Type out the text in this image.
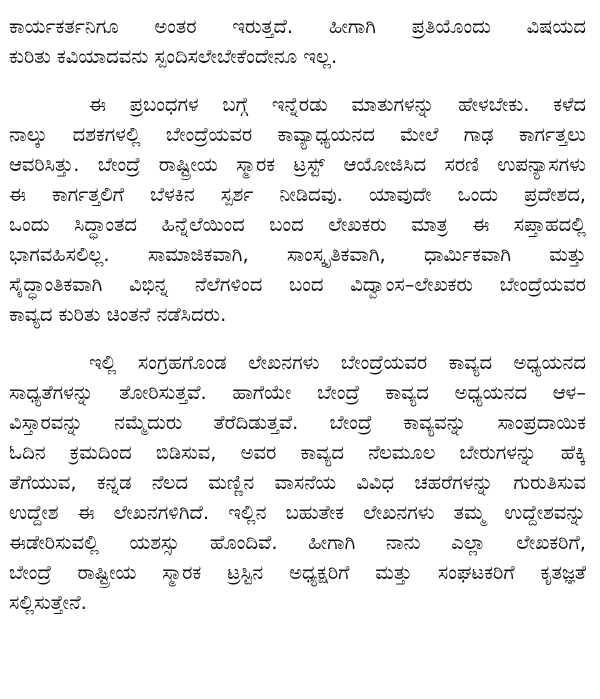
ಕಾರ್ಯಕರ್ತನಿಗೂ ಅಂತರ ಇರುತ್ತದೆ. ಹೀಗಾಗಿ ಪ್ರತಿಯೊಂದು ವಿಷಯದ
ಕುರಿತು ಕವಿಯಾದವನು ಸ್ಪಂದಿಸಲೇಬೇಕೆಂದೇನೂ ಇಲ್ಲ.
ಈ ಪ್ರಬಂಧಗಳ ಬಗ್ಗೆ ಇನ್ನೆರಡು ಮಾತುಗಳನ್ನು ಹೇಳಬೇಕು. ಕಳೆದ
ನಾಲ್ಕು ದಶಕಗಳಲ್ಲಿ ಬೇಂದ್ರೆಯವರ ಕಾವ್ಯಾಧ್ಯಯನದ ಮೇಲೆ ಗಾಢ ಕಾರ್ಗತ್ತಲು
ಆವರಿಸಿತ್ತು. ಬೇಂದ್ರೆ ರಾಷ್ಟ್ರೀಯ ಸ್ಮಾರಕ ಟ್ರಸ್ಟ್ ಆಯೋಜಿಸಿದ ಸರಣಿ ಉಪನ್ಯಾಸಗಳು
ಈ ಕಾರ್ಗತ್ತಲಿಗೆ ಬೆಳಕಿನ ಸ್ಪರ್ಶ ನೀಡಿದವು. ಯಾವುದೇ ಒಂದು ಪ್ರದೇಶದ,
ಒಂದು ಸಿದ್ಧಾಂತದ ಹಿನ್ನೆಲೆಯಿಂದ ಬಂದ ಲೇಖಕರು ಮಾತ್ರ ಈ ಸಪ್ತಾಹದಲ್ಲಿ
ಭಾಗವಹಿಸಲಿಲ್ಲ. ಸಾಮಾಜಿಕವಾಗಿ, ಸಾಂಸ್ಕೃತಿಕವಾಗಿ, ಧಾರ್ಮಿಕವಾಗಿ ಮತ್ತು
ಸೈದ್ಧಾಂತಿಕವಾಗಿ ವಿಭಿನ್ನ ನೆಲೆಗಳಿಂದ ಬಂದ ವಿದ್ವಾಂಸ–ಲೇಖಕರು ಬೇಂದ್ರೆಯವರ
ಕಾವ್ಯದ ಕುರಿತು ಚಿಂತನೆ ನಡೆಸಿದರು.
ಇಲ್ಲಿ ಸಂಗ್ರಹಗೊಂಡ ಲೇಖನಗಳು ಬೇಂದ್ರೆಯವರ ಕಾವ್ಯದ ಅಧ್ಯಯನದ
ಸಾಧ್ಯತೆಗಳನ್ನು ತೋರಿಸುತ್ತವೆ. ಹಾಗೆಯೇ ಬೇಂದ್ರೆ ಕಾವ್ಯದ ಅಧ್ಯಯನದ ಆಳ–
ವಿಸ್ತಾರವನ್ನು ನಮ್ಮೆದುರು ತೆರೆದಿಡುತ್ತವೆ. ಬೇಂದ್ರೆ ಕಾವ್ಯವನ್ನು ಸಾಂಪ್ರದಾಯಿಕ
ಓದಿನ ಕ್ರಮದಿಂದ ಬಿಡಿಸುವ, ಅವರ ಕಾವ್ಯದ ನೆಲಮೂಲ ಬೇರುಗಳನ್ನು ಹೆಕ್ಕಿ
ತೆಗೆಯುವ, ಕನ್ನಡ ನೆಲದ ಮಣ್ಣಿನ ವಾಸನೆಯ ವಿವಿಧ ಚಹರೆಗಳನ್ನು ಗುರುತಿಸುವ
ಉದ್ದೇಶ ಈ ಲೇಖನಗಳಿಗಿದೆ. ಇಲ್ಲಿನ ಬಹುತೇಕ ಲೇಖನಗಳು ತಮ್ಮ ಉದ್ದೇಶವನ್ನು
ಈಡೇರಿಸುವಲ್ಲಿ ಯಶಸ್ಸು ಹೊಂದಿವೆ. ಹೀಗಾಗಿ ನಾನು ಎಲ್ಲಾ ಲೇಖಕರಿಗೆ,
ಬೇಂದ್ರೆ ರಾಷ್ಟ್ರೀಯ ಸ್ಮಾರಕ ಟ್ರಸ್ಟಿನ ಅಧ್ಯಕ್ಷರಿಗೆ ಮತ್ತು ಸಂಘಟಕರಿಗೆ ಕೃತಜ್ಞತೆ
ಸಲ್ಲಿಸುತ್ತೇನೆ.
